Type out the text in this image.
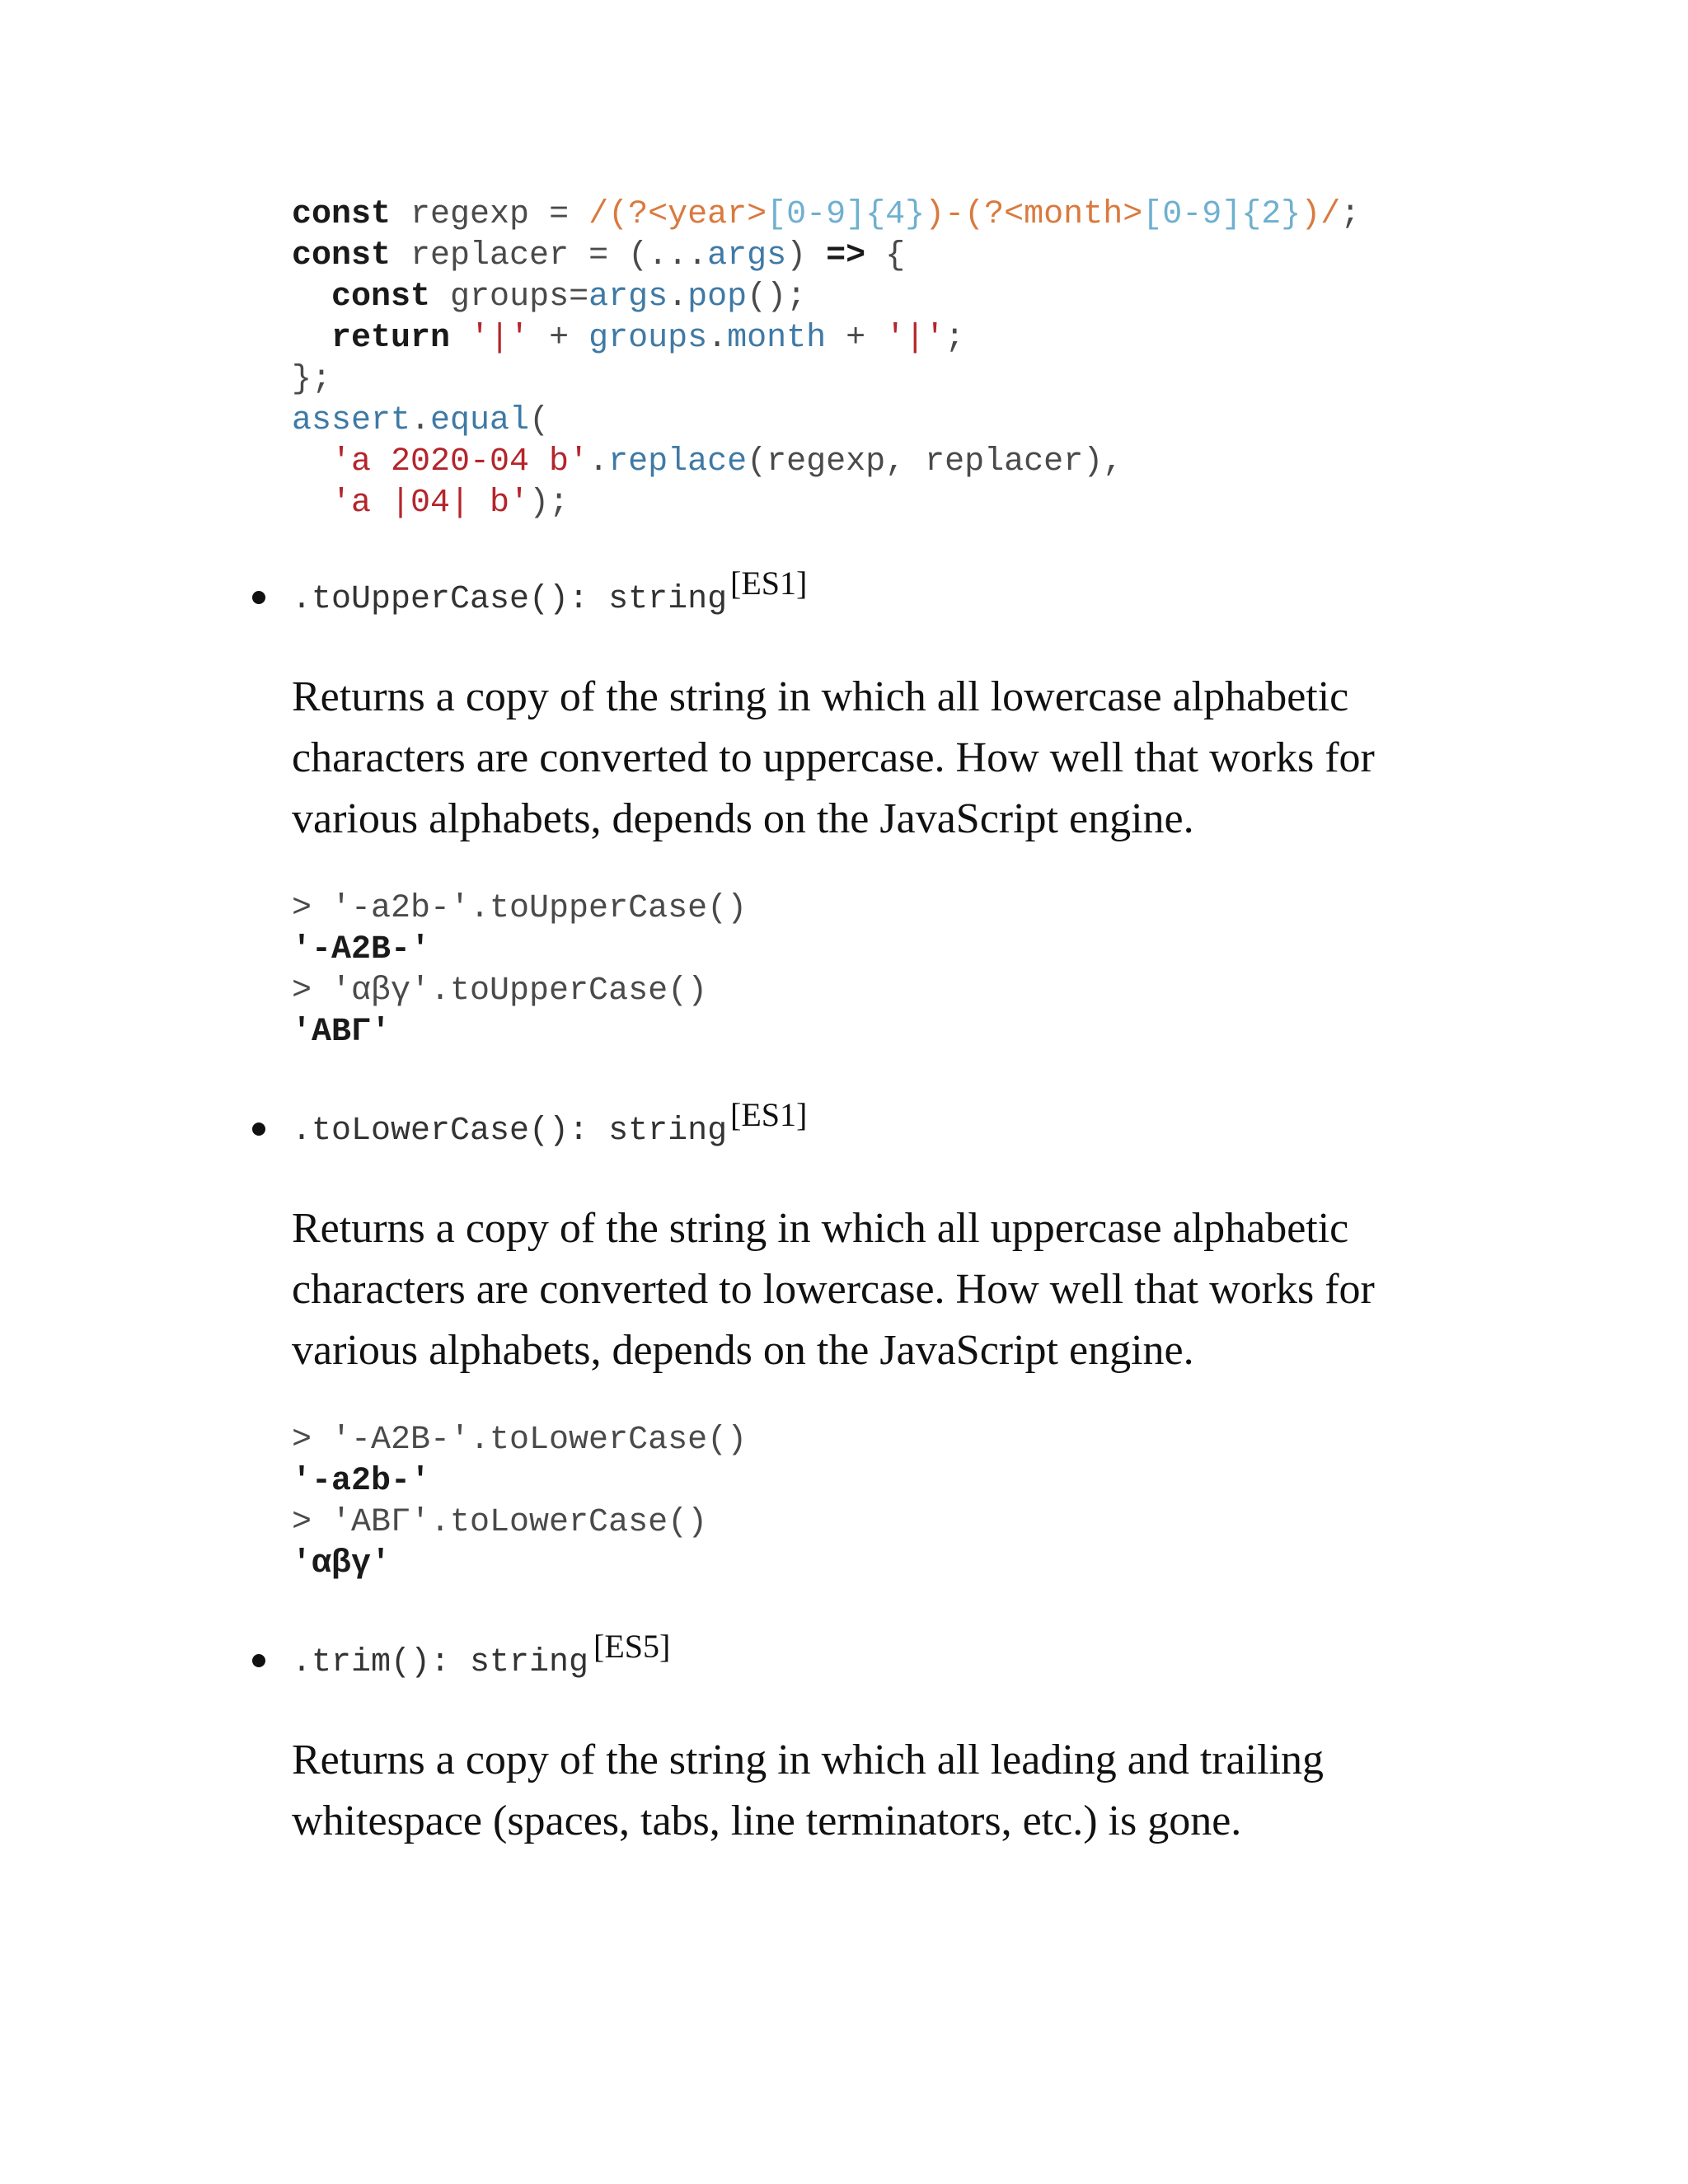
const regexp = /(?<year>[0-9]{4})-(?<month>[0-9]{2})/;
const replacer = (...args) => {
const groups=args.pop();
return '|' + groups.month + '|';
};
assert.equal(
'a 2020-04 b'.replace(regexp, replacer),
'a |04| b');
.toUpperCase(): string [ES1]

Returns a copy of the string in which all lowercase alphabetic characters are converted to uppercase. How well that works for various alphabets, depends on the JavaScript engine.

> '-a2b-'.toUpperCase()
'-A2B-'
> 'αβγ'.toUpperCase()
'ΑΒΓ'
.toLowerCase(): string [ES1]

Returns a copy of the string in which all uppercase alphabetic characters are converted to lowercase. How well that works for various alphabets, depends on the JavaScript engine.

> '-A2B-'.toLowerCase()
'-a2b-'
> 'ΑΒΓ'.toLowerCase()
'αβγ'
.trim(): string [ES5]

Returns a copy of the string in which all leading and trailing whitespace (spaces, tabs, line terminators, etc.) is gone.
